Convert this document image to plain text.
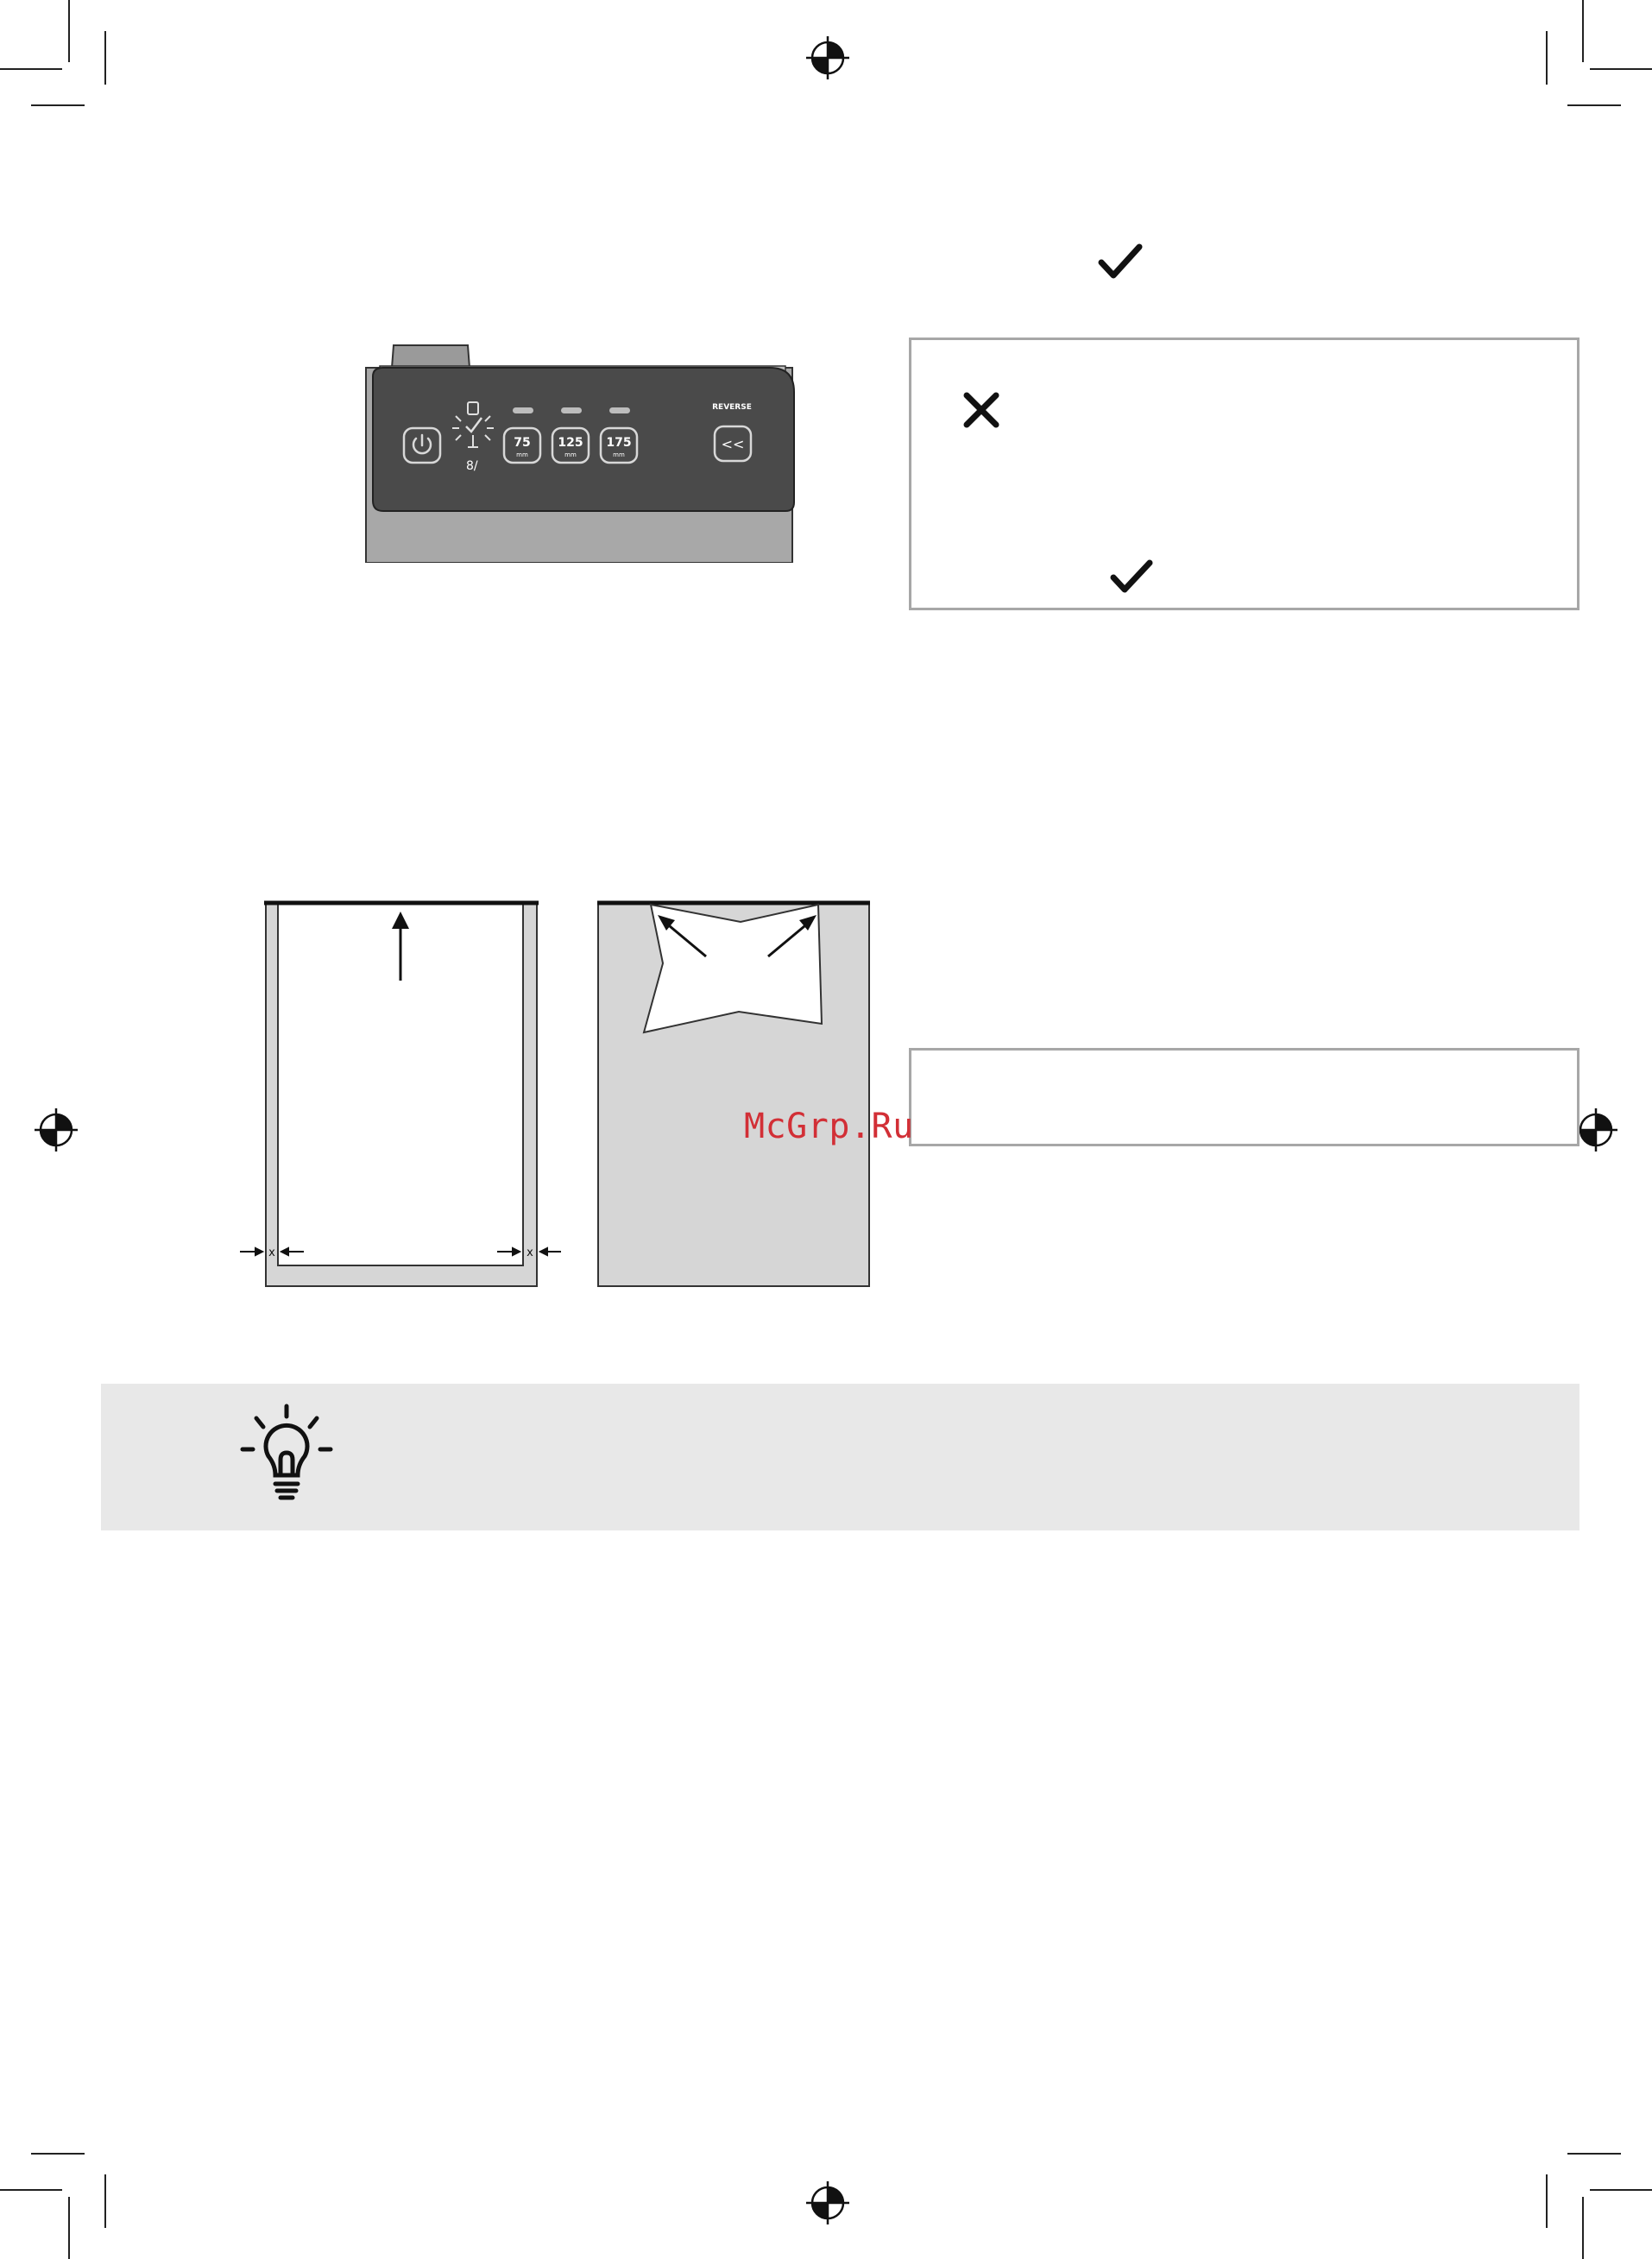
8/
75
mm
125
mm
175
mm
REVERSE
<<
x	x
McGrp.Ru
